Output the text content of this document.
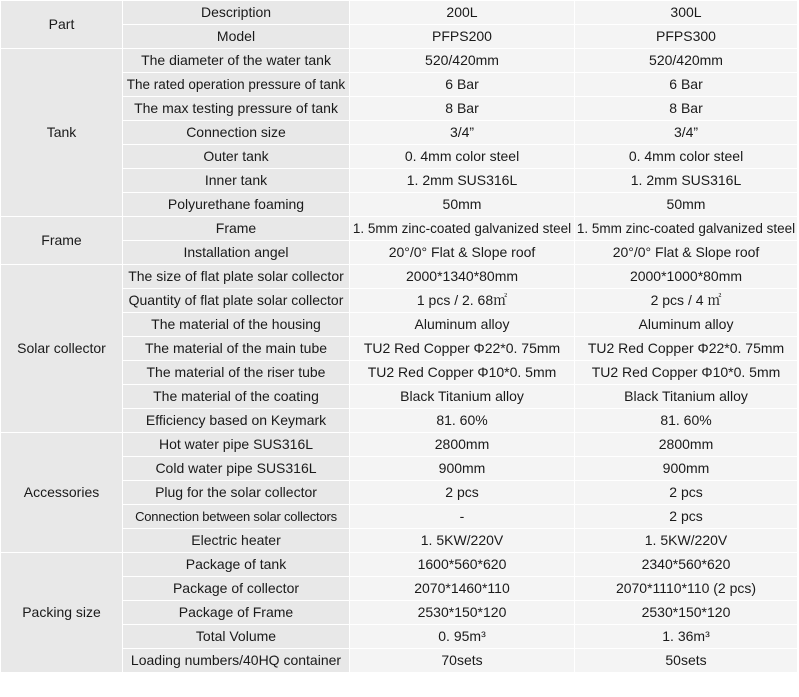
Part	Description	200L	300L
	Model	PFPS200	PFPS300
Tank	The diameter of the water tank	520/420mm	520/420mm
	The rated operation pressure of tank	6 Bar	6 Bar
	The max testing pressure of tank	8 Bar	8 Bar
	Connection size	3/4”	3/4”
	Outer tank	0. 4mm color steel	0. 4mm color steel
	Inner tank	1. 2mm SUS316L	1. 2mm SUS316L
	Polyurethane foaming	50mm	50mm
Frame	Frame	1. 5mm zinc-coated galvanized steel	1. 5mm zinc-coated galvanized steel
	Installation angel	20°/0° Flat & Slope roof	20°/0° Flat & Slope roof
Solar collector	The size of flat plate solar collector	2000*1340*80mm	2000*1000*80mm
	Quantity of flat plate solar collector	1 pcs / 2. 68㎡	2 pcs / 4 ㎡
	The material of the housing	Aluminum alloy	Aluminum alloy
	The material of the main tube	TU2 Red Copper Φ22*0. 75mm	TU2 Red Copper Φ22*0. 75mm
	The material of the riser tube	TU2 Red Copper Φ10*0. 5mm	TU2 Red Copper Φ10*0. 5mm
	The material of the coating	Black Titanium alloy	Black Titanium alloy
	Efficiency based on Keymark	81. 60%	81. 60%
Accessories	Hot water pipe SUS316L	2800mm	2800mm
	Cold water pipe SUS316L	900mm	900mm
	Plug for the solar collector	2 pcs	2 pcs
	Connection between solar collectors	-	2 pcs
	Electric heater	1. 5KW/220V	1. 5KW/220V
Packing size	Package of tank	1600*560*620	2340*560*620
	Package of collector	2070*1460*110	2070*1110*110 (2 pcs)
	Package of Frame	2530*150*120	2530*150*120
	Total Volume	0. 95m³	1. 36m³
	Loading numbers/40HQ container	70sets	50sets
